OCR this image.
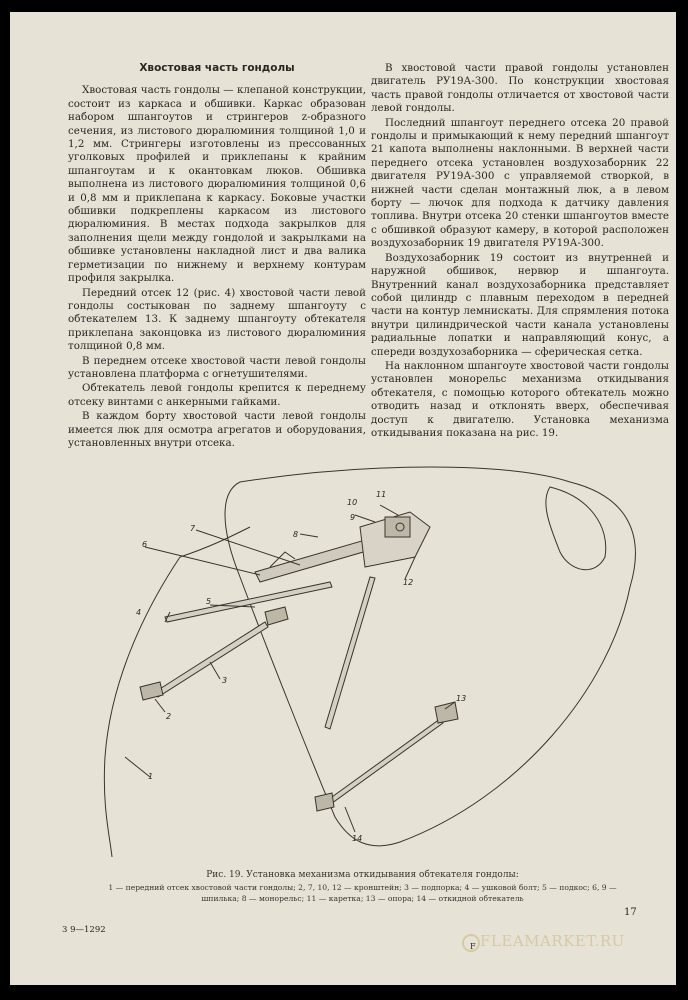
Хвостовая часть гондолы

Хвостовая часть гондолы — клепаной конструкции, состоит из каркаса и обшивки. Каркас образован набором шпангоутов и стрингеров z-образного сечения, из листового дюралюминия толщиной 1,0 и 1,2 мм. Стрингеры изготовлены из прессованных уголковых профилей и приклепаны к крайним шпангоутам и к окантовкам люков. Обшивка выполнена из листового дюралюминия толщиной 0,6 и 0,8 мм и приклепана к каркасу. Боковые участки обшивки подкреплены каркасом из листового дюралюминия. В местах подхода закрылков для заполнения щели между гондолой и закрылками на обшивке установлены накладной лист и два валика герметизации по нижнему и верхнему контурам профиля закрылка.

Передний отсек 12 (рис. 4) хвостовой части левой гондолы состыкован по заднему шпангоуту с обтекателем 13. К заднему шпангоуту обтекателя приклепана законцовка из листового дюралюминия толщиной 0,8 мм.

В переднем отсеке хвостовой части левой гондолы установлена платформа с огнетушителями.

Обтекатель левой гондолы крепится к переднему отсеку винтами с анкерными гайками.

В каждом борту хвостовой части левой гондолы имеется люк для осмотра агрегатов и оборудования, установленных внутри отсека.

В хвостовой части правой гондолы установлен двигатель РУ19А-300. По конструкции хвостовая часть правой гондолы отличается от хвостовой части левой гондолы.

Последний шпангоут переднего отсека 20 правой гондолы и примыкающий к нему передний шпангоут 21 капота выполнены наклонными. В верхней части переднего отсека установлен воздухозаборник 22 двигателя РУ19А-300 с управляемой створкой, в нижней части сделан монтажный люк, а в левом борту — лючок для подхода к датчику давления топлива. Внутри отсека 20 стенки шпангоутов вместе с обшивкой образуют камеру, в которой расположен воздухозаборник 19 двигателя РУ19А-300.

Воздухозаборник 19 состоит из внутренней и наружной обшивок, нервюр и шпангоута. Внутренний канал воздухозаборника представляет собой цилиндр с плавным переходом в передней части на контур лемнискаты. Для спрямления потока внутри цилиндрической части канала установлены радиальные лопатки и направляющий конус, а спереди воздухозаборника — сферическая сетка.

На наклонном шпангоуте хвостовой части гондолы установлен монорельс механизма откидывания обтекателя, с помощью которого обтекатель можно отводить назад и отклонять вверх, обеспечивая доступ к двигателю. Установка механизма откидывания показана на рис. 19.

1
2
3
4
5
6
7
8
9
10
11
12
13
14
Рис. 19. Установка механизма откидывания обтекателя гондолы:
1 — передний отсек хвостовой части гондолы; 2, 7, 10, 12 — кронштейн; 3 — подпорка; 4 — ушковой болт; 5 — подкос; 6, 9 — шпилька; 8 — монорельс; 11 — каретка; 13 — опора; 14 — откидной обтекатель
3 9—1292
17
F FLEAMARKET.RU
